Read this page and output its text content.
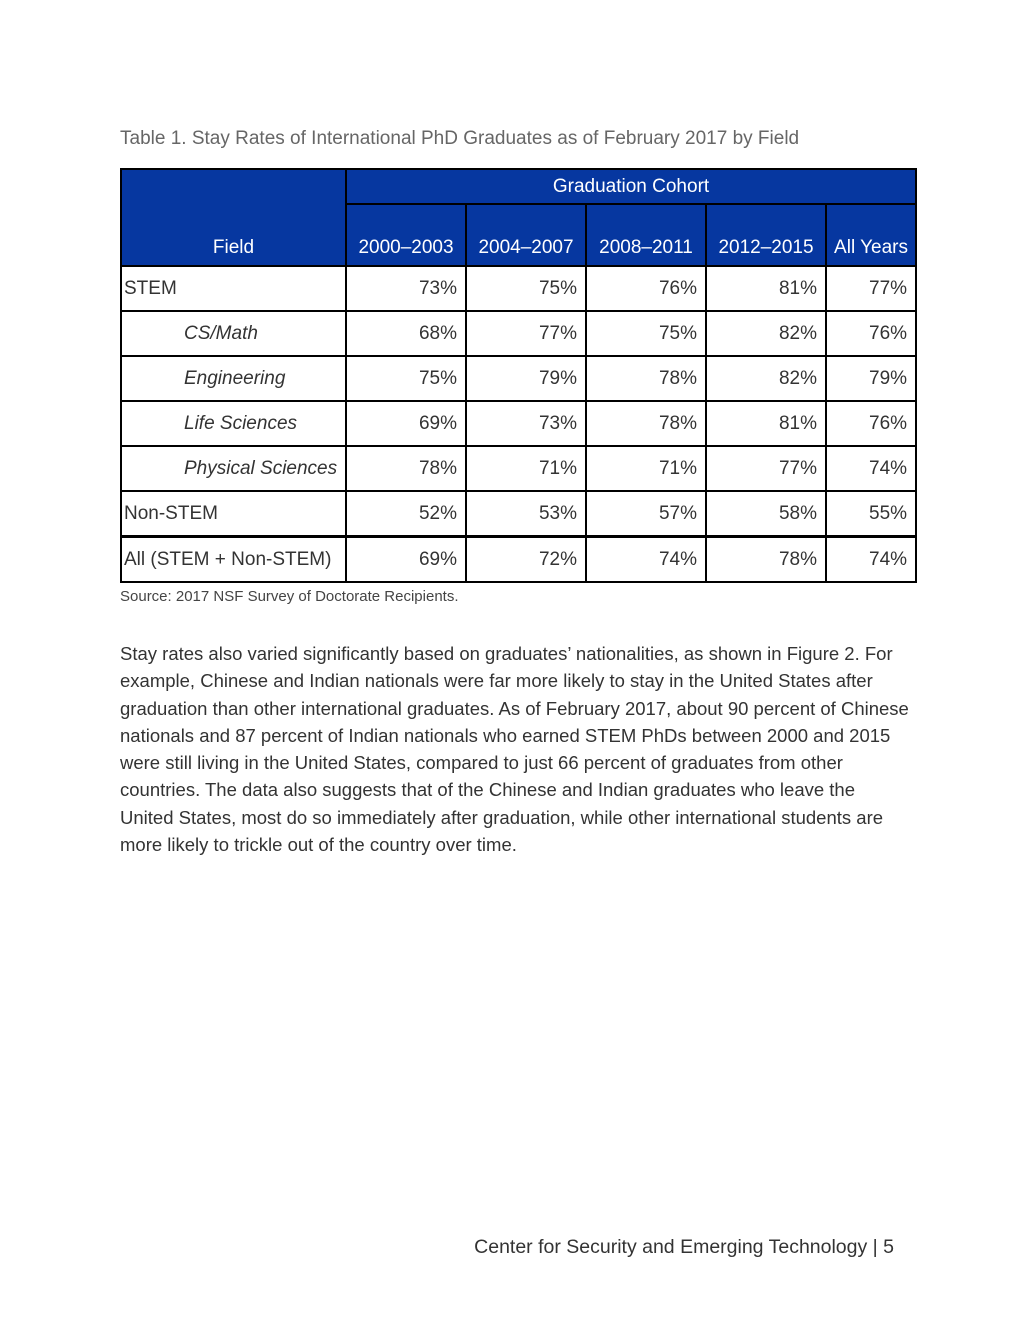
Table 1. Stay Rates of International PhD Graduates as of February 2017 by Field
Field	Graduation Cohort				
	2000–2003	2004–2007	2008–2011	2012–2015	All Years
STEM	73%	75%	76%	81%	77%
CS/Math	68%	77%	75%	82%	76%
Engineering	75%	79%	78%	82%	79%
Life Sciences	69%	73%	78%	81%	76%
Physical Sciences	78%	71%	71%	77%	74%
Non-STEM	52%	53%	57%	58%	55%
All (STEM + Non-STEM)	69%	72%	74%	78%	74%
Source: 2017 NSF Survey of Doctorate Recipients.

Stay rates also varied significantly based on graduates’ nationalities, as shown in Figure 2. For example, Chinese and Indian nationals were far more likely to stay in the United States after graduation than other international graduates. As of February 2017, about 90 percent of Chinese nationals and 87 percent of Indian nationals who earned STEM PhDs between 2000 and 2015 were still living in the United States, compared to just 66 percent of graduates from other countries. The data also suggests that of the Chinese and Indian graduates who leave the United States, most do so immediately after graduation, while other international students are more likely to trickle out of the country over time.

Center for Security and Emerging Technology | 5
